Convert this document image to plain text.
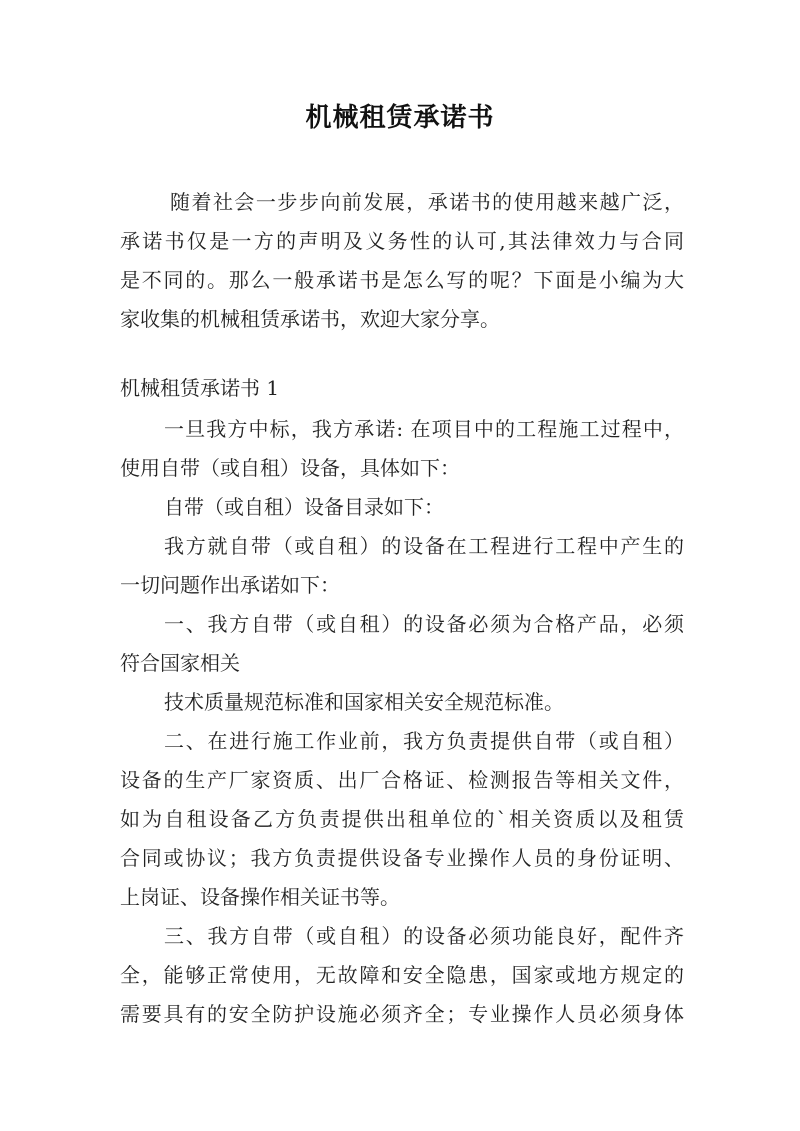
机械租赁承诺书
随着社会一步步向前发展，承诺书的使用越来越广泛，
承诺书仅是一方的声明及义务性的认可,其法律效力与合同
是不同的。那么一般承诺书是怎么写的呢？下面是小编为大
家收集的机械租赁承诺书，欢迎大家分享。
机械租赁承诺书 1
一旦我方中标，我方承诺: 在项目中的工程施工过程中，
使用自带（或自租）设备，具体如下：
自带（或自租）设备目录如下：
我方就自带（或自租）的设备在工程进行工程中产生的
一切问题作出承诺如下：
一、我方自带（或自租）的设备必须为合格产品，必须
符合国家相关
技术质量规范标准和国家相关安全规范标准。
二、在进行施工作业前，我方负责提供自带（或自租）
设备的生产厂家资质、出厂合格证、检测报告等相关文件，
如为自租设备乙方负责提供出租单位的`相关资质以及租赁
合同或协议；我方负责提供设备专业操作人员的身份证明、
上岗证、设备操作相关证书等。
三、我方自带（或自租）的设备必须功能良好，配件齐
全，能够正常使用，无故障和安全隐患，国家或地方规定的
需要具有的安全防护设施必须齐全；专业操作人员必须身体
